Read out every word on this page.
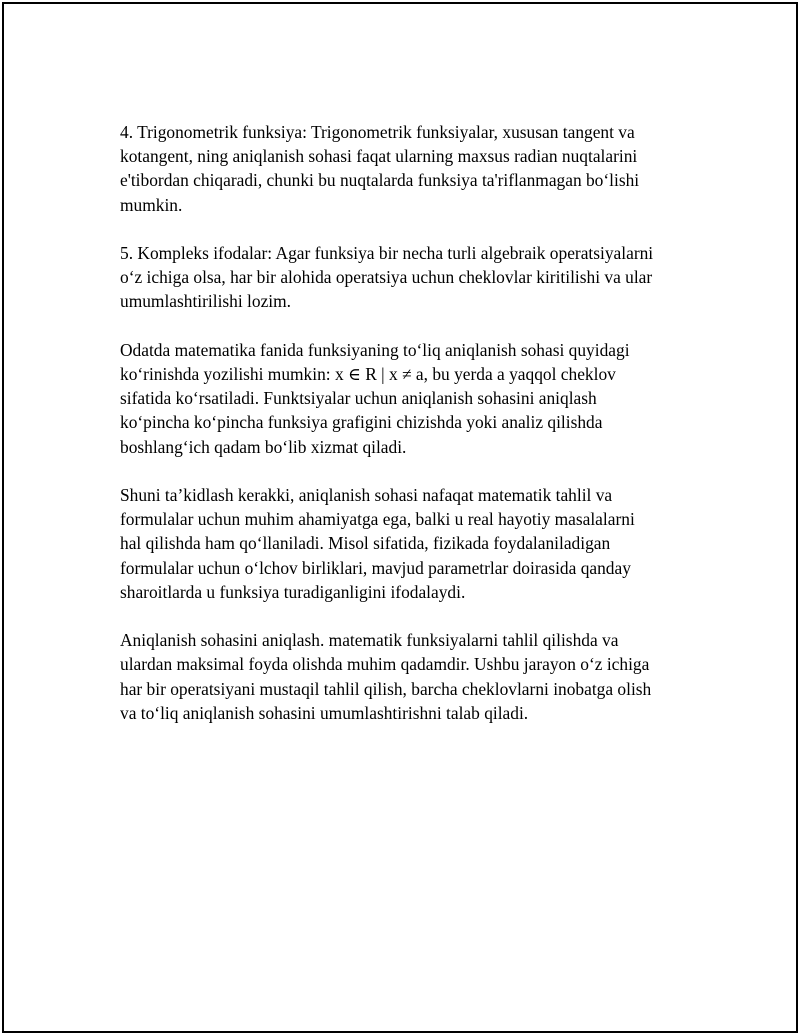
4. Trigonometrik funksiya: Trigonometrik funksiyalar, xususan tangent va
kotangent, ning aniqlanish sohasi faqat ularning maxsus radian nuqtalarini
e'tibordan chiqaradi, chunki bu nuqtalarda funksiya ta'riflanmagan bo‘lishi
mumkin.

5. Kompleks ifodalar: Agar funksiya bir necha turli algebraik operatsiyalarni
o‘z ichiga olsa, har bir alohida operatsiya uchun cheklovlar kiritilishi va ular
umumlashtirilishi lozim.

Odatda matematika fanida funksiyaning to‘liq aniqlanish sohasi quyidagi
ko‘rinishda yozilishi mumkin: x ∈ R | x ≠ a, bu yerda a yaqqol cheklov
sifatida ko‘rsatiladi. Funktsiyalar uchun aniqlanish sohasini aniqlash
ko‘pincha ko‘pincha funksiya grafigini chizishda yoki analiz qilishda
boshlang‘ich qadam bo‘lib xizmat qiladi.

Shuni ta’kidlash kerakki, aniqlanish sohasi nafaqat matematik tahlil va
formulalar uchun muhim ahamiyatga ega, balki u real hayotiy masalalarni
hal qilishda ham qo‘llaniladi. Misol sifatida, fizikada foydalaniladigan
formulalar uchun o‘lchov birliklari, mavjud parametrlar doirasida qanday
sharoitlarda u funksiya turadiganligini ifodalaydi.

Aniqlanish sohasini aniqlash. matematik funksiyalarni tahlil qilishda va
ulardan maksimal foyda olishda muhim qadamdir. Ushbu jarayon o‘z ichiga
har bir operatsiyani mustaqil tahlil qilish, barcha cheklovlarni inobatga olish
va to‘liq aniqlanish sohasini umumlashtirishni talab qiladi.
